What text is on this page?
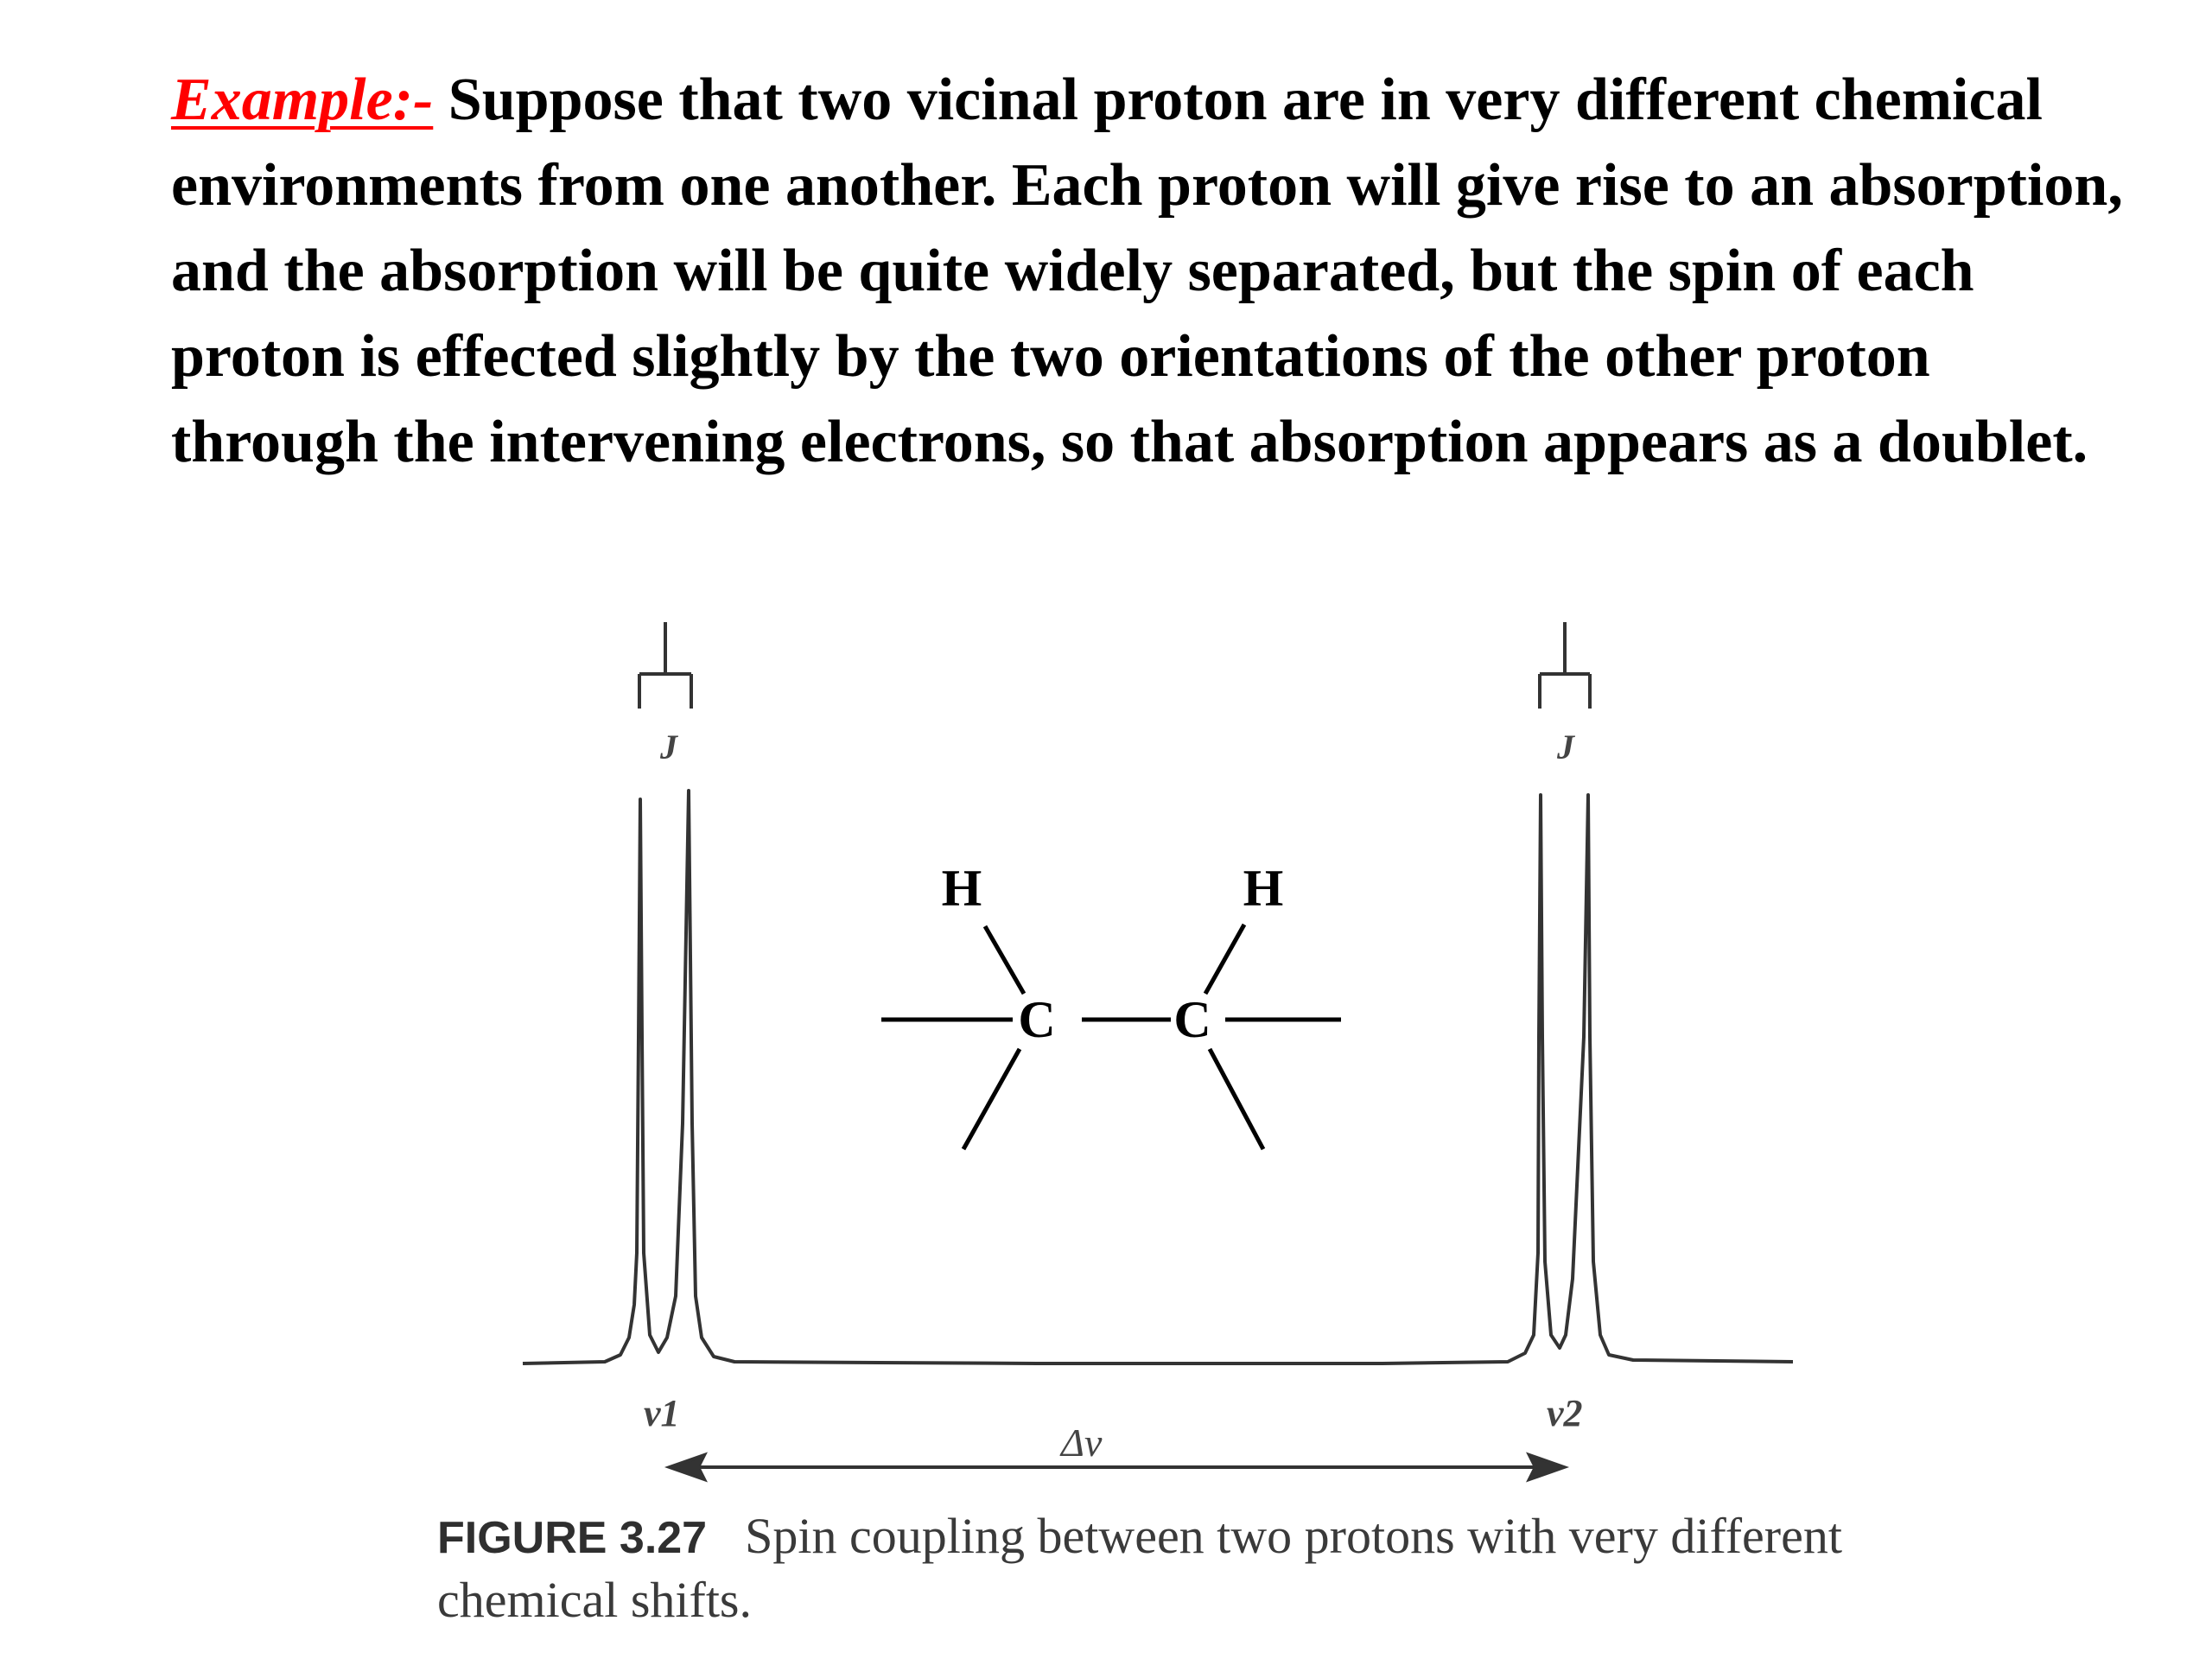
Example:- Suppose that two vicinal proton are in very different chemical environments from one another. Each proton will give rise to an absorption, and the absorption will be quite widely separated, but the spin of each proton is effected slightly by the two orientations of the other proton through the intervening electrons, so that absorption appears as a doublet.

J	J
H	H
C C
ν1	ν2
Δν
FIGURE 3.27 Spin coupling between two protons with very different chemical shifts.
